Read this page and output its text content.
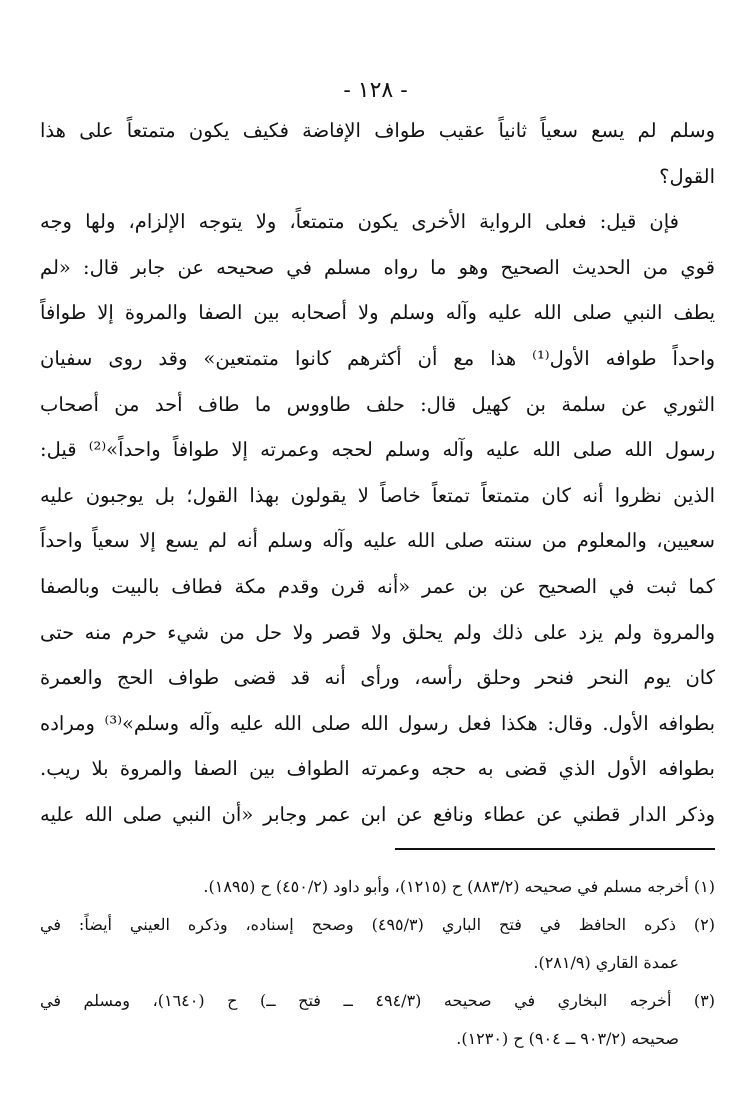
- ١٢٨ -
وسلم لم يسع سعياً ثانياً عقيب طواف الإفاضة فكيف يكون متمتعاً على هذا
القول؟
فإن قيل: فعلى الرواية الأخرى يكون متمتعاً، ولا يتوجه الإلزام، ولها وجه
قوي من الحديث الصحيح وهو ما رواه مسلم في صحيحه عن جابر قال: «لم
يطف النبي صلى الله عليه وآله وسلم ولا أصحابه بين الصفا والمروة إلا طوافاً
واحداً طوافه الأول⁽¹⁾ هذا مع أن أكثرهم كانوا متمتعين» وقد روى سفيان
الثوري عن سلمة بن كهيل قال: حلف طاووس ما طاف أحد من أصحاب
رسول الله صلى الله عليه وآله وسلم لحجه وعمرته إلا طوافاً واحداً»⁽²⁾ قيل:
الذين نظروا أنه كان متمتعاً تمتعاً خاصاً لا يقولون بهذا القول؛ بل يوجبون عليه
سعيين، والمعلوم من سنته صلى الله عليه وآله وسلم أنه لم يسع إلا سعياً واحداً
كما ثبت في الصحيح عن بن عمر «أنه قرن وقدم مكة فطاف بالبيت وبالصفا
والمروة ولم يزد على ذلك ولم يحلق ولا قصر ولا حل من شيء حرم منه حتى
كان يوم النحر فنحر وحلق رأسه، ورأى أنه قد قضى طواف الحج والعمرة
بطوافه الأول. وقال: هكذا فعل رسول الله صلى الله عليه وآله وسلم»⁽³⁾ ومراده
بطوافه الأول الذي قضى به حجه وعمرته الطواف بين الصفا والمروة بلا ريب.
وذكر الدار قطني عن عطاء ونافع عن ابن عمر وجابر «أن النبي صلى الله عليه
(١) أخرجه مسلم في صحيحه (٨٨٣/٢) ح (١٢١٥)، وأبو داود (٤٥٠/٢) ح (١٨٩٥).
(٢) ذكره الحافظ في فتح الباري (٤٩٥/٣) وصحح إسناده، وذكره العيني أيضاً: في
عمدة القاري (٢٨١/٩).
(٣) أخرجه البخاري في صحيحه (٤٩٤/٣ ــ فتح ــ) ح (١٦٤٠)، ومسلم في
صحيحه (٩٠٣/٢ ــ ٩٠٤) ح (١٢٣٠).
